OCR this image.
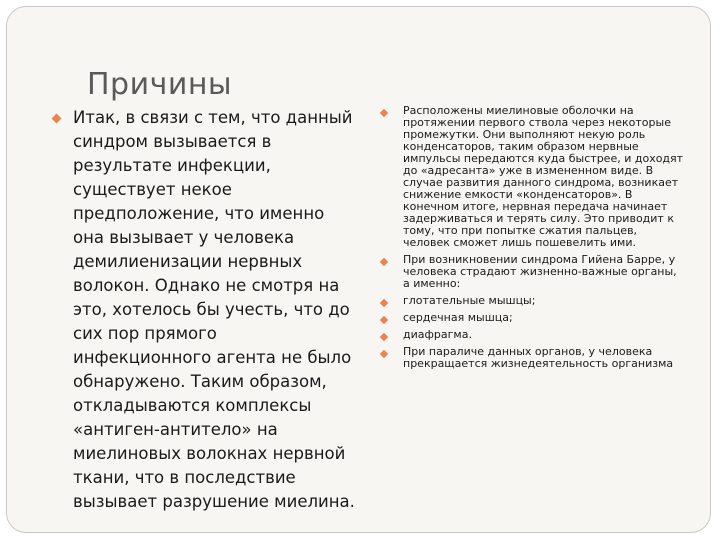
Причины
Итак, в связи с тем, что данный синдром вызывается в результате инфекции, существует некое предположение, что именно она вызывает у человека демилиенизации нервных волокон. Однако не смотря на это, хотелось бы учесть, что до сих пор прямого инфекционного агента не было обнаружено. Таким образом, откладываются комплексы «антиген-антитело» на миелиновых волокнах нервной ткани, что в последствие вызывает разрушение миелина.
Расположены миелиновые оболочки на протяжении первого ствола через некоторые промежутки. Они выполняют некую роль конденсаторов, таким образом нервные импульсы передаются куда быстрее, и доходят до «адресанта» уже в измененном виде. В случае развития данного синдрома, возникает снижение емкости «конденсаторов». В конечном итоге, нервная передача начинает задерживаться и терять силу. Это приводит к тому, что при попытке сжатия пальцев, человек сможет лишь пошевелить ими.
При возникновении синдрома Гийена Барре, у человека страдают жизненно-важные органы, а именно:
глотательные мышцы;
сердечная мышца;
диафрагма.
При параличе данных органов, у человека прекращается жизнедеятельность организма
